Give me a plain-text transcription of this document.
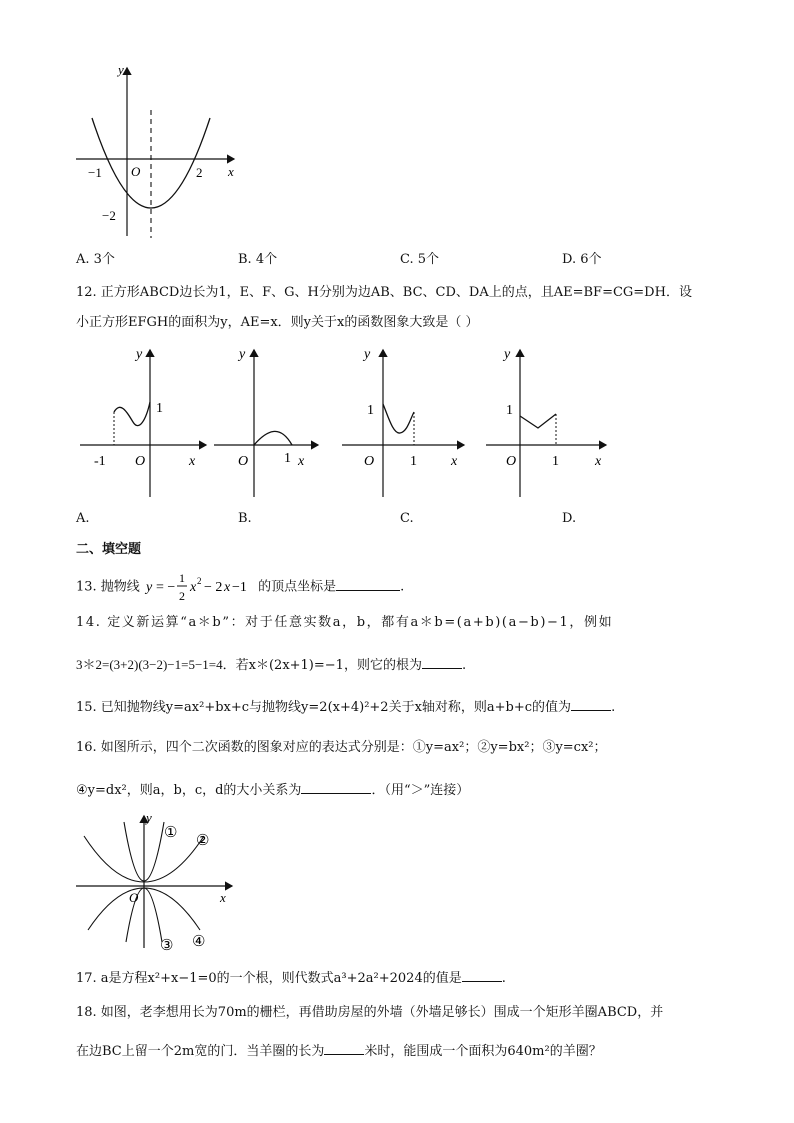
y
x
O
−1	2
−2
A. 3个	B. 4个	C. 5个	D. 6个
12. 正方形ABCD边长为1，E、F、G、H分别为边AB、BC、CD、DA上的点，且AE=BF=CG=DH．设
小正方形EFGH的面积为y，AE=x．则y关于x的函数图象大致是（ ）
y
1
-1 O	x
y
O	1 x
y
1
O	1 x
y
1
O	1	x
A.	B.	C.	D.
二、填空题
13. 抛物线 y = −
1
2
x 2 − 2 x −1 的顶点坐标是	.
14. 定义新运算“a＊b”：对于任意实数a，b，都有a＊b=(a+b)(a−b)−1，例如
3＊2=(3+2)(3−2)−1=5−1=4．若x＊(2x+1)=−1，则它的根为	.
15. 已知抛物线y=ax²+bx+c与抛物线y=2(x+4)²+2关于x轴对称，则a+b+c的值为	.
16. 如图所示，四个二次函数的图象对应的表达式分别是：①y=ax²；②y=bx²；③y=cx²；
④y=dx²，则a，b，c，d的大小关系为	．（用“＞”连接）
y
x
O
① ②
③ ④
17. a是方程x²+x−1=0的一个根，则代数式a³+2a²+2024的值是	.
18. 如图，老李想用长为70m的栅栏，再借助房屋的外墙（外墙足够长）围成一个矩形羊圈ABCD，并
在边BC上留一个2m宽的门．当羊圈的长为	米时，能围成一个面积为640m²的羊圈？
